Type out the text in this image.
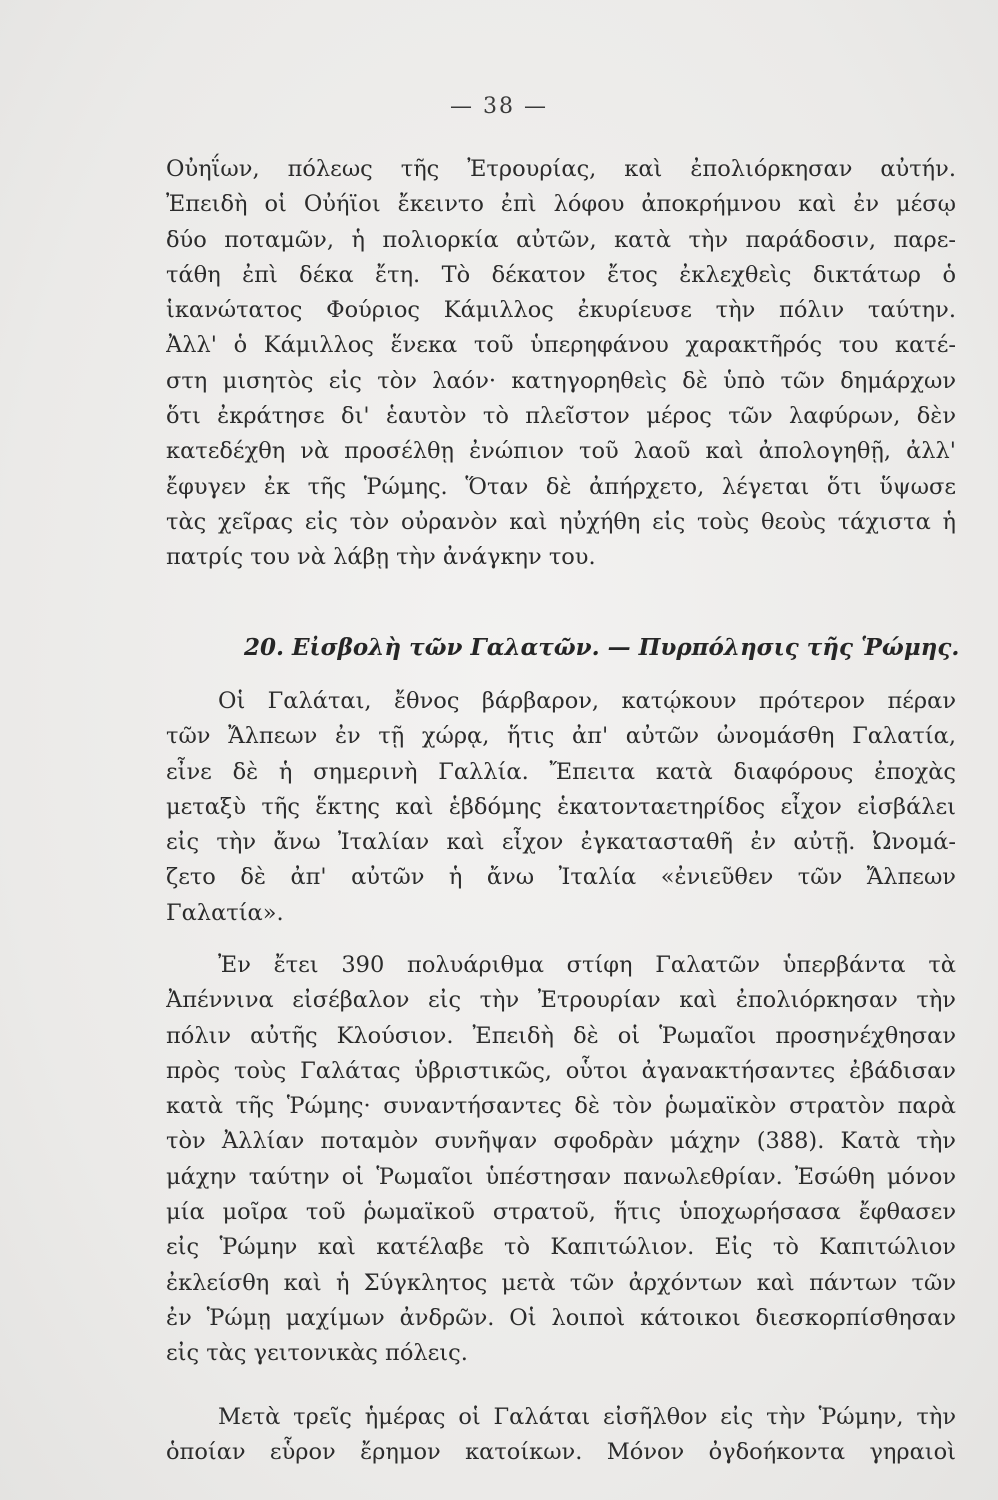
— 38 —
Οὐηΐων, πόλεως τῆς Ἐτρουρίας, καὶ ἐπολιόρκησαν αὐτήν.
Ἐπειδὴ οἱ Οὐήϊοι ἔκειντο ἐπὶ λόφου ἀποκρήμνου καὶ ἐν μέσῳ
δύο ποταμῶν, ἡ πολιορκία αὐτῶν, κατὰ τὴν παράδοσιν, παρε-
τάθη ἐπὶ δέκα ἔτη. Τὸ δέκατον ἔτος ἐκλεχθεὶς δικτάτωρ ὁ
ἱκανώτατος Φούριος Κάμιλλος ἐκυρίευσε τὴν πόλιν ταύτην.
Ἀλλ' ὁ Κάμιλλος ἕνεκα τοῦ ὑπερηφάνου χαρακτῆρός του κατέ-
στη μισητὸς εἰς τὸν λαόν· κατηγορηθεὶς δὲ ὑπὸ τῶν δημάρχων
ὅτι ἐκράτησε δι' ἑαυτὸν τὸ πλεῖστον μέρος τῶν λαφύρων, δὲν
κατεδέχθη νὰ προσέλθῃ ἐνώπιον τοῦ λαοῦ καὶ ἀπολογηθῇ, ἀλλ'
ἔφυγεν ἐκ τῆς Ῥώμης. Ὅταν δὲ ἀπήρχετο, λέγεται ὅτι ὕψωσε
τὰς χεῖρας εἰς τὸν οὐρανὸν καὶ ηὐχήθη εἰς τοὺς θεοὺς τάχιστα ἡ
πατρίς του νὰ λάβῃ τὴν ἀνάγκην του.
20. Εἰσβολὴ τῶν Γαλατῶν. — Πυρπόλησις τῆς Ῥώμης.
Οἱ Γαλάται, ἔθνος βάρβαρον, κατῴκουν πρότερον πέραν
τῶν Ἄλπεων ἐν τῇ χώρᾳ, ἥτις ἀπ' αὐτῶν ὠνομάσθη Γαλατία,
εἶνε δὲ ἡ σημερινὴ Γαλλία. Ἔπειτα κατὰ διαφόρους ἐποχὰς
μεταξὺ τῆς ἕκτης καὶ ἑβδόμης ἑκατονταετηρίδος εἶχον εἰσβάλει
εἰς τὴν ἄνω Ἰταλίαν καὶ εἶχον ἐγκατασταθῆ ἐν αὐτῇ. Ὠνομά-
ζετο δὲ ἀπ' αὐτῶν ἡ ἄνω Ἰταλία «ἐνιεῦθεν τῶν Ἄλπεων
Γαλατία».
Ἐν ἔτει 390 πολυάριθμα στίφη Γαλατῶν ὑπερβάντα τὰ
Ἀπέννινα εἰσέβαλον εἰς τὴν Ἐτρουρίαν καὶ ἐπολιόρκησαν τὴν
πόλιν αὐτῆς Κλούσιον. Ἐπειδὴ δὲ οἱ Ῥωμαῖοι προσηνέχθησαν
πρὸς τοὺς Γαλάτας ὑβριστικῶς, οὗτοι ἀγανακτήσαντες ἐβάδισαν
κατὰ τῆς Ῥώμης· συναντήσαντες δὲ τὸν ῥωμαϊκὸν στρατὸν παρὰ
τὸν Ἀλλίαν ποταμὸν συνῆψαν σφοδρὰν μάχην (388). Κατὰ τὴν
μάχην ταύτην οἱ Ῥωμαῖοι ὑπέστησαν πανωλεθρίαν. Ἐσώθη μόνον
μία μοῖρα τοῦ ῥωμαϊκοῦ στρατοῦ, ἥτις ὑποχωρήσασα ἔφθασεν
εἰς Ῥώμην καὶ κατέλαβε τὸ Καπιτώλιον. Εἰς τὸ Καπιτώλιον
ἐκλείσθη καὶ ἡ Σύγκλητος μετὰ τῶν ἀρχόντων καὶ πάντων τῶν
ἐν Ῥώμῃ μαχίμων ἀνδρῶν. Οἱ λοιποὶ κάτοικοι διεσκορπίσθησαν
εἰς τὰς γειτονικὰς πόλεις.
Μετὰ τρεῖς ἡμέρας οἱ Γαλάται εἰσῆλθον εἰς τὴν Ῥώμην, τὴν
ὁποίαν εὗρον ἔρημον κατοίκων. Μόνον ὀγδοήκοντα γηραιοὶ
